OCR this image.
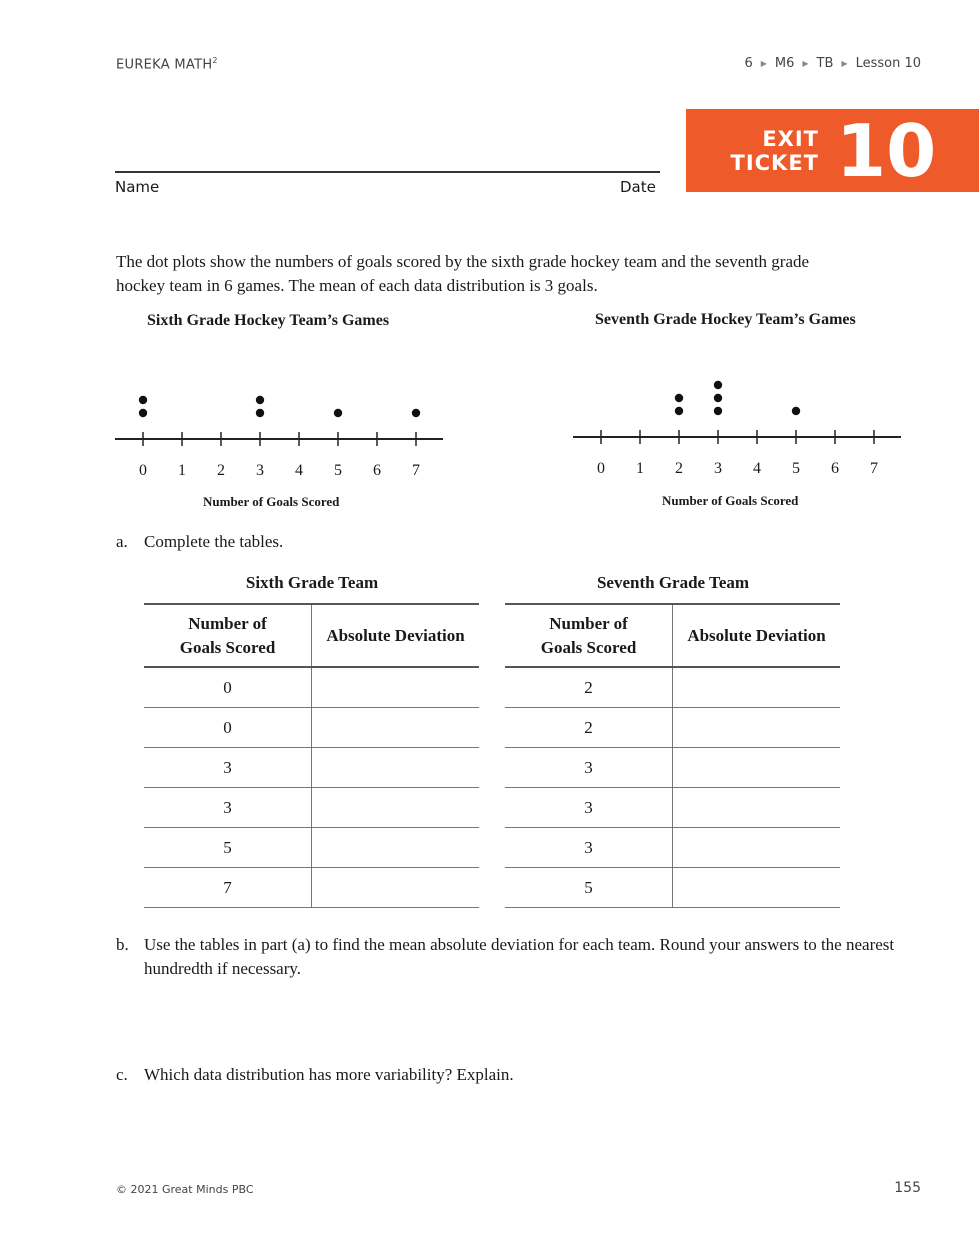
EUREKA MATH$^2$	6 ▶ M6 ▶ TB ▶ Lesson 10
Name	Date
EXIT
TICKET 10
The dot plots show the numbers of goals scored by the sixth grade hockey team and the seventh grade hockey team in 6 games. The mean of each data distribution is 3 goals.
Sixth Grade Hockey Team’s Games
0 1 2 3 4 5 6 7
Number of Goals Scored
Seventh Grade Hockey Team’s Games
0 1 2 3 4 5 6 7
Number of Goals Scored
a. Complete the tables.
Sixth Grade Team
Number of
Goals Scored	Absolute Deviation
0	
0	
3	
3	
5	
7	
Seventh Grade Team
Number of
Goals Scored	Absolute Deviation
2	
2	
3	
3	
3	
5	
b. Use the tables in part (a) to find the mean absolute deviation for each team. Round your answers to the nearest hundredth if necessary.
c. Which data distribution has more variability? Explain.
© 2021 Great Minds PBC	155
